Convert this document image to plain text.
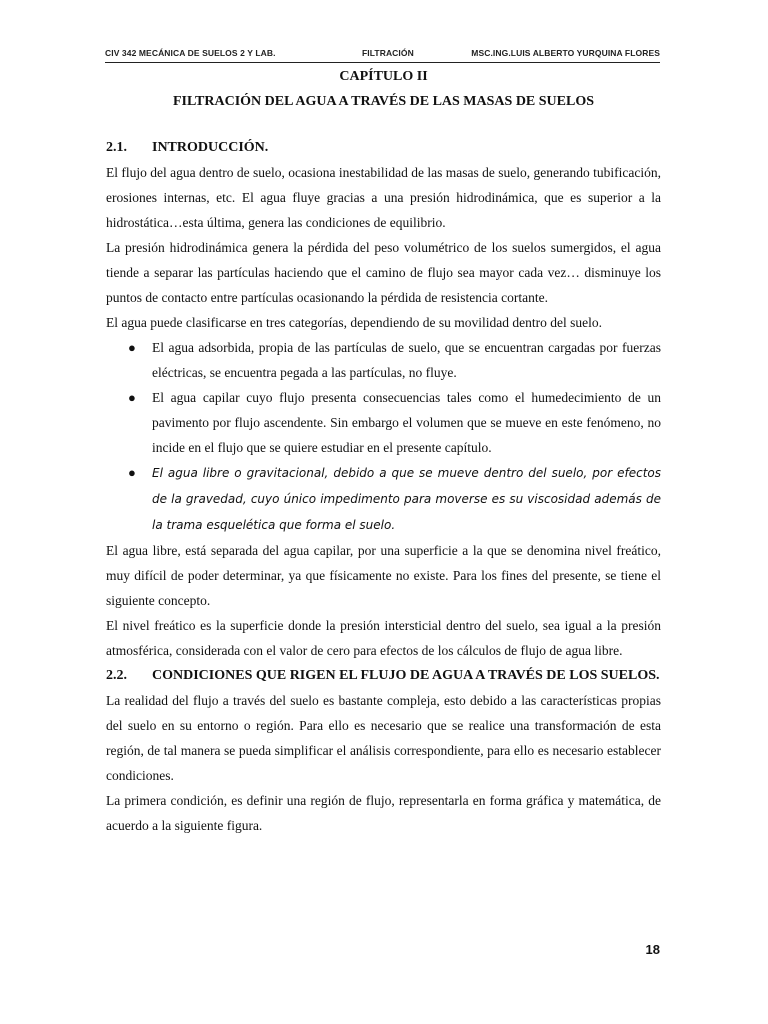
CIV 342 MECÁNICA DE SUELOS 2 Y LAB.	FILTRACIÓN	MSC.ING.LUIS ALBERTO YURQUINA FLORES
CAPÍTULO II
FILTRACIÓN DEL AGUA A TRAVÉS DE LAS MASAS DE SUELOS
2.1. INTRODUCCIÓN.

El flujo del agua dentro de suelo, ocasiona inestabilidad de las masas de suelo, generando tubificación, erosiones internas, etc. El agua fluye gracias a una presión hidrodinámica, que es superior a la hidrostática…esta última, genera las condiciones de equilibrio.

La presión hidrodinámica genera la pérdida del peso volumétrico de los suelos sumergidos, el agua tiende a separar las partículas haciendo que el camino de flujo sea mayor cada vez… disminuye los puntos de contacto entre partículas ocasionando la pérdida de resistencia cortante.

El agua puede clasificarse en tres categorías, dependiendo de su movilidad dentro del suelo.

● El agua adsorbida, propia de las partículas de suelo, que se encuentran cargadas por fuerzas eléctricas, se encuentra pegada a las partículas, no fluye.
● El agua capilar cuyo flujo presenta consecuencias tales como el humedecimiento de un pavimento por flujo ascendente. Sin embargo el volumen que se mueve en este fenómeno, no incide en el flujo que se quiere estudiar en el presente capítulo.
● El agua libre o gravitacional, debido a que se mueve dentro del suelo, por efectos de la gravedad, cuyo único impedimento para moverse es su viscosidad además de la trama esquelética que forma el suelo.

El agua libre, está separada del agua capilar, por una superficie a la que se denomina nivel freático, muy difícil de poder determinar, ya que físicamente no existe. Para los fines del presente, se tiene el siguiente concepto.

El nivel freático es la superficie donde la presión intersticial dentro del suelo, sea igual a la presión atmosférica, considerada con el valor de cero para efectos de los cálculos de flujo de agua libre.

2.2. CONDICIONES QUE RIGEN EL FLUJO DE AGUA A TRAVÉS DE LOS SUELOS.

La realidad del flujo a través del suelo es bastante compleja, esto debido a las características propias del suelo en su entorno o región. Para ello es necesario que se realice una transformación de esta región, de tal manera se pueda simplificar el análisis correspondiente, para ello es necesario establecer condiciones.

La primera condición, es definir una región de flujo, representarla en forma gráfica y matemática, de acuerdo a la siguiente figura.

18
